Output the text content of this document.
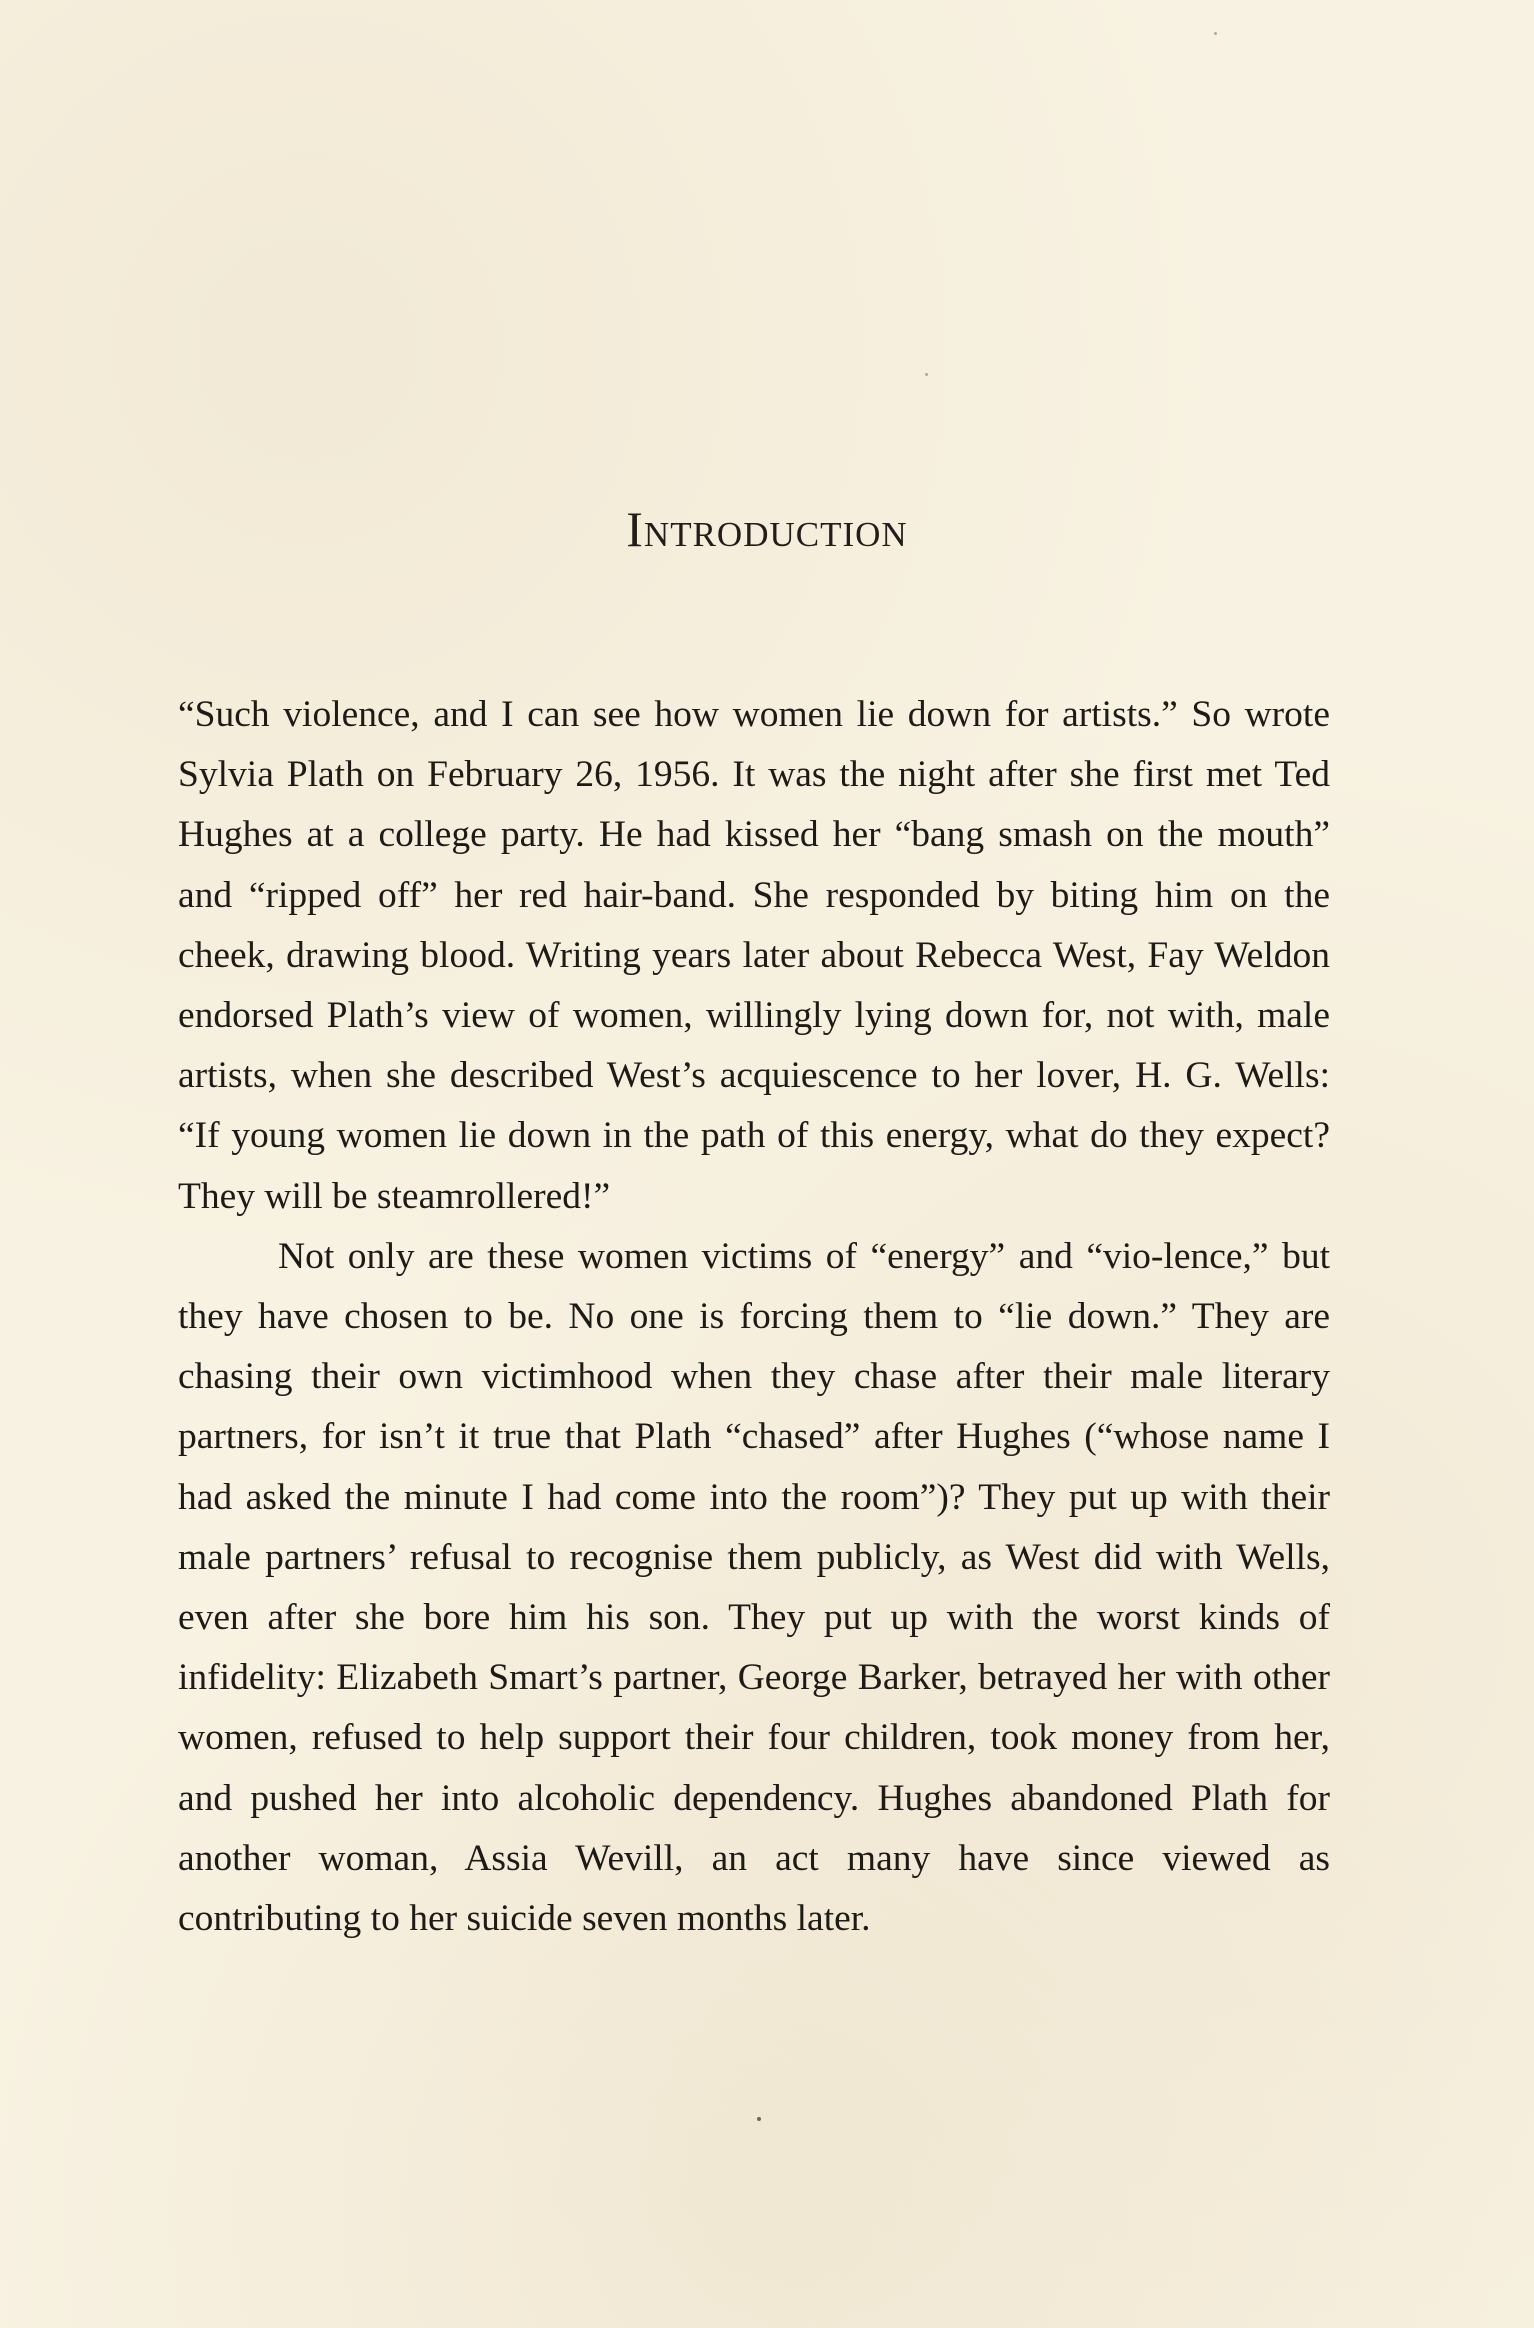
Introduction

“Such violence, and I can see how women lie down for artists.” So wrote Sylvia Plath on February 26, 1956. It was the night after she first met Ted Hughes at a college party. He had kissed her “bang smash on the mouth” and “ripped off” her red hair-band. She responded by biting him on the cheek, drawing blood. Writing years later about Rebecca West, Fay Weldon endorsed Plath’s view of women, willingly lying down for, not with, male artists, when she described West’s acquiescence to her lover, H. G. Wells: “If young women lie down in the path of this energy, what do they expect? They will be steamrollered!”

Not only are these women victims of “energy” and “vio-lence,” but they have chosen to be. No one is forcing them to “lie down.” They are chasing their own victimhood when they chase after their male literary partners, for isn’t it true that Plath “chased” after Hughes (“whose name I had asked the minute I had come into the room”)? They put up with their male partners’ refusal to recognise them publicly, as West did with Wells, even after she bore him his son. They put up with the worst kinds of infidelity: Elizabeth Smart’s partner, George Barker, betrayed her with other women, refused to help support their four children, took money from her, and pushed her into alcoholic dependency. Hughes abandoned Plath for another woman, Assia Wevill, an act many have since viewed as contributing to her suicide seven months later.
